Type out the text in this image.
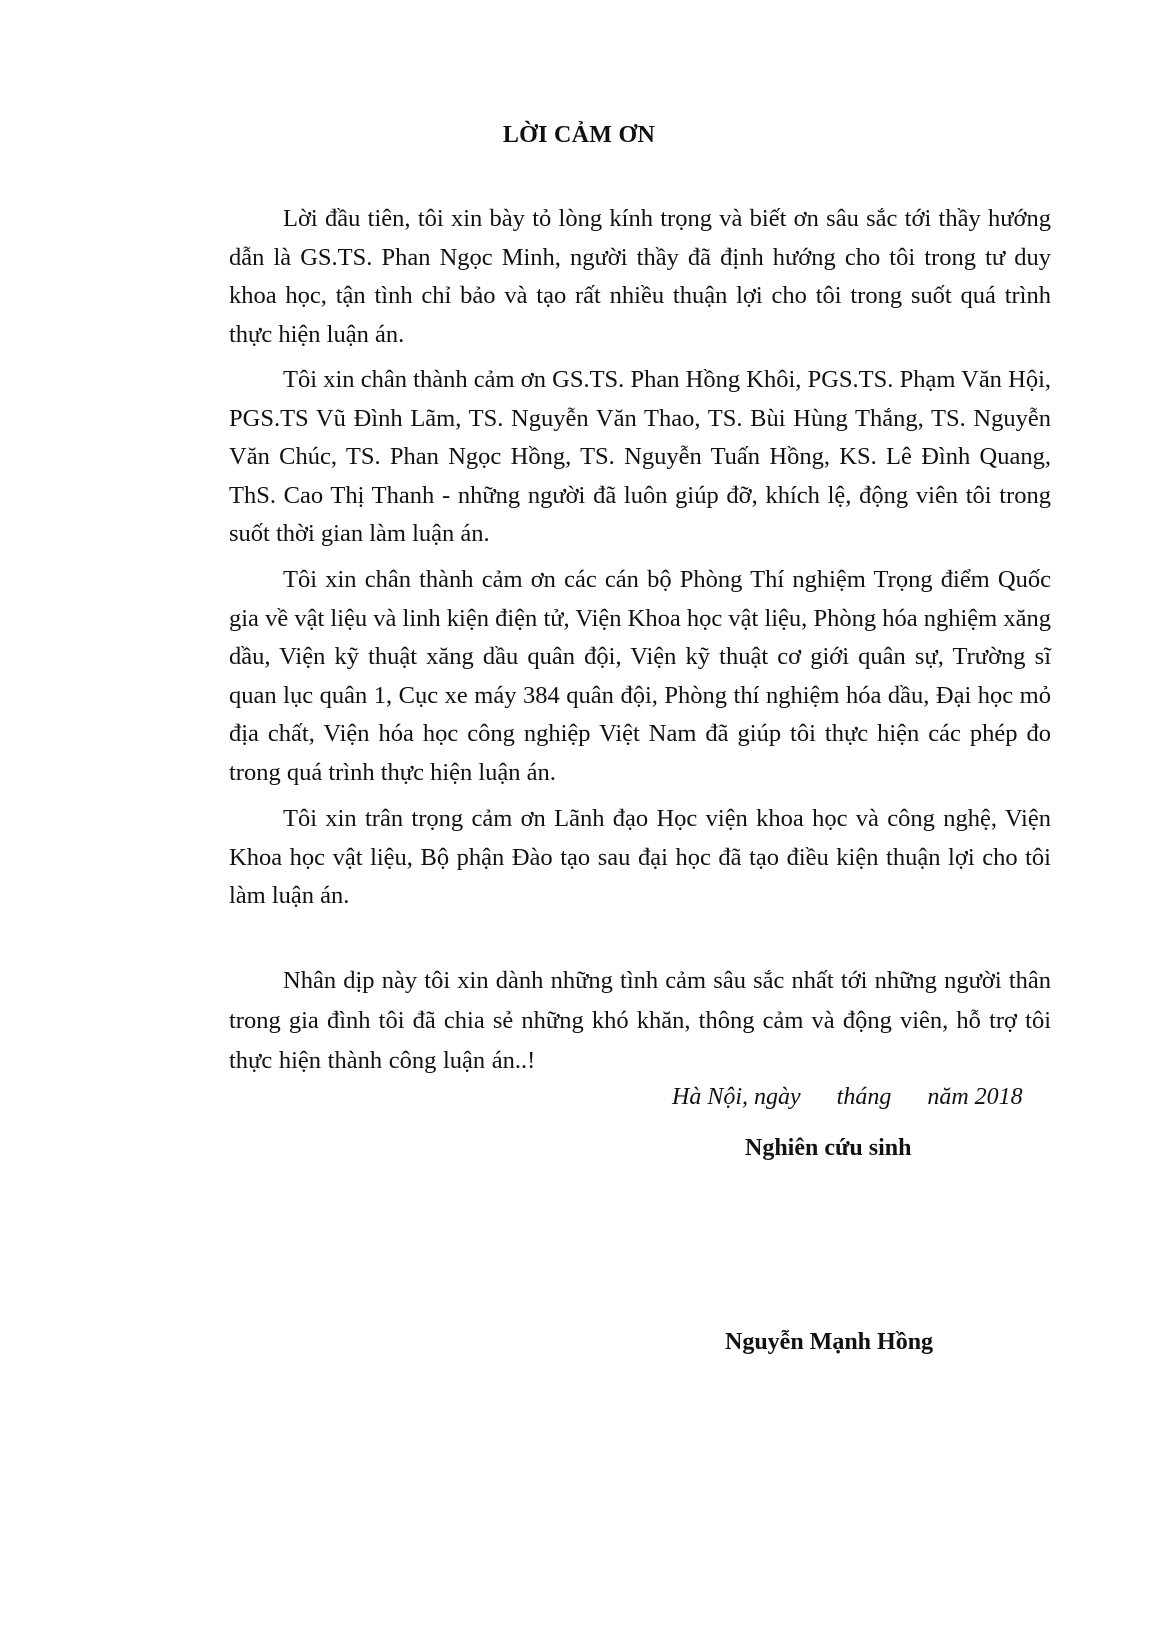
LỜI CẢM ƠN

Lời đầu tiên, tôi xin bày tỏ lòng kính trọng và biết ơn sâu sắc tới thầy hướng dẫn là GS.TS. Phan Ngọc Minh, người thầy đã định hướng cho tôi trong tư duy khoa học, tận tình chỉ bảo và tạo rất nhiều thuận lợi cho tôi trong suốt quá trình thực hiện luận án.

Tôi xin chân thành cảm ơn GS.TS. Phan Hồng Khôi, PGS.TS. Phạm Văn Hội, PGS.TS Vũ Đình Lãm, TS. Nguyễn Văn Thao, TS. Bùi Hùng Thắng, TS. Nguyễn Văn Chúc, TS. Phan Ngọc Hồng, TS. Nguyễn Tuấn Hồng, KS. Lê Đình Quang, ThS. Cao Thị Thanh - những người đã luôn giúp đỡ, khích lệ, động viên tôi trong suốt thời gian làm luận án.

Tôi xin chân thành cảm ơn các cán bộ Phòng Thí nghiệm Trọng điểm Quốc gia về vật liệu và linh kiện điện tử, Viện Khoa học vật liệu, Phòng hóa nghiệm xăng dầu, Viện kỹ thuật xăng dầu quân đội, Viện kỹ thuật cơ giới quân sự, Trường sĩ quan lục quân 1, Cục xe máy 384 quân đội, Phòng thí nghiệm hóa dầu, Đại học mỏ địa chất, Viện hóa học công nghiệp Việt Nam đã giúp tôi thực hiện các phép đo trong quá trình thực hiện luận án.

Tôi xin trân trọng cảm ơn Lãnh đạo Học viện khoa học và công nghệ, Viện Khoa học vật liệu, Bộ phận Đào tạo sau đại học đã tạo điều kiện thuận lợi cho tôi làm luận án.

Nhân dịp này tôi xin dành những tình cảm sâu sắc nhất tới những người thân trong gia đình tôi đã chia sẻ những khó khăn, thông cảm và động viên, hỗ trợ tôi thực hiện thành công luận án..!

Hà Nội, ngày      tháng      năm 2018
Nghiên cứu sinh
Nguyễn Mạnh Hồng
